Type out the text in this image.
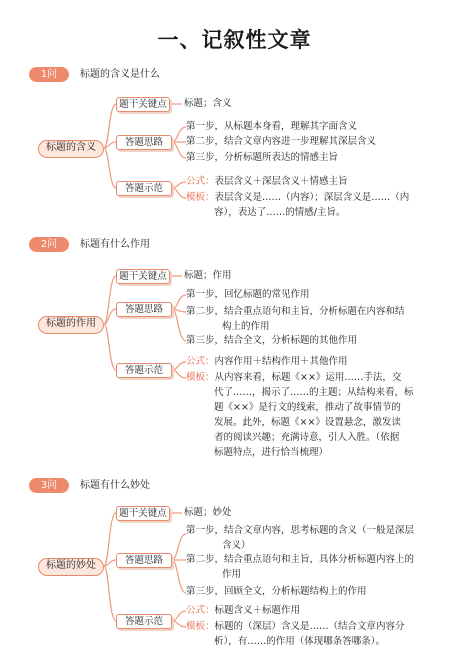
一、记叙性文章
1问	标题的含义是什么
标题的含义
题干关键点
答题思路
答题示范
标题；含义
第一步，从标题本身看，理解其字面含义
第二步，结合文章内容进一步理解其深层含义
第三步，分析标题所表达的情感主旨
公式：表层含义＋深层含义＋情感主旨
模板：表层含义是……（内容）；深层含义是……（内
容），表达了……的情感/主旨。
2问	标题有什么作用
标题的作用
题干关键点
答题思路
答题示范
标题；作用
第一步，回忆标题的常见作用
第二步，结合重点语句和主旨，分析标题在内容和结
构上的作用
第三步，结合全文，分析标题的其他作用
公式：内容作用＋结构作用＋其他作用
模板：从内容来看，标题《××》运用……手法，交
代了……，揭示了……的主题；从结构来看，标
题《××》是行文的线索，推动了故事情节的
发展。此外，标题《××》设置悬念，激发读
者的阅读兴趣；充满诗意，引人入胜。（依据
标题特点，进行恰当梳理）
3问	标题有什么妙处
标题的妙处
题干关键点
答题思路
答题示范
标题；妙处
第一步，结合文章内容，思考标题的含义（一般是深层
含义）
第二步，结合重点语句和主旨，具体分析标题内容上的
作用
第三步，回顾全文，分析标题结构上的作用
公式：标题含义＋标题作用
模板：标题的（深层）含义是……（结合文章内容分
析），有……的作用（体现哪条答哪条）。
